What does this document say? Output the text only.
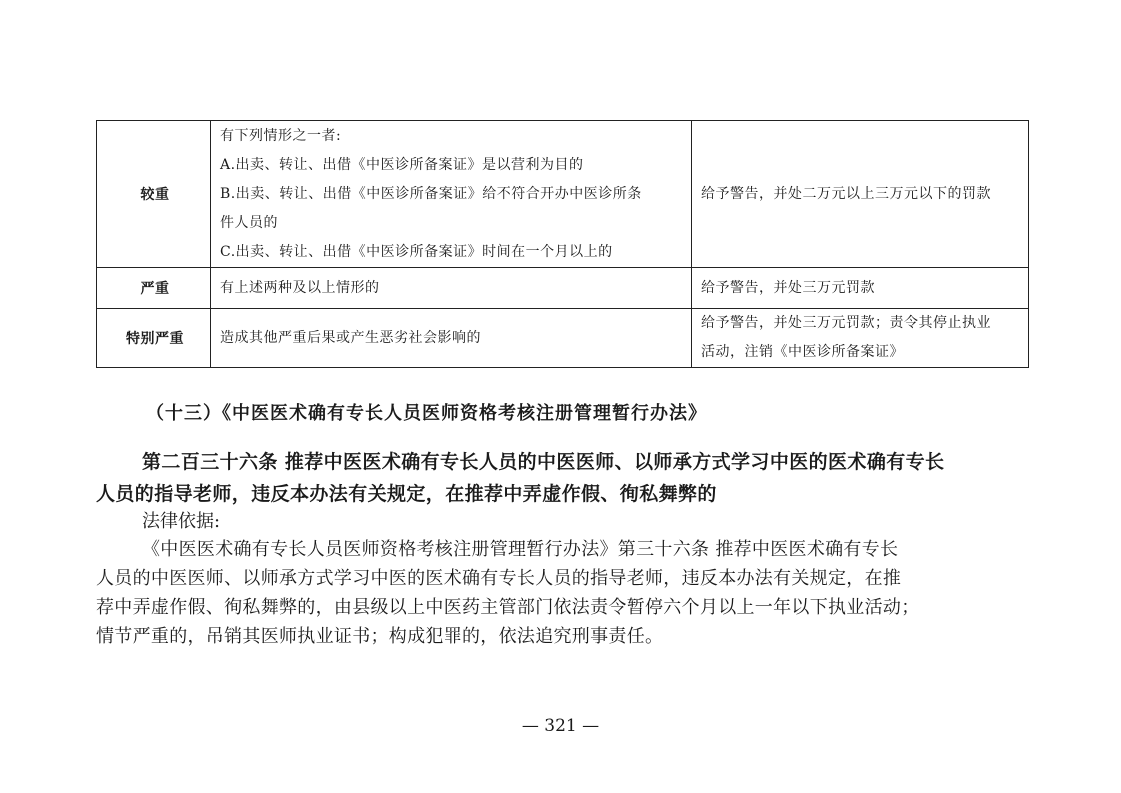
较重	有下列情形之一者:
A.出卖、转让、出借《中医诊所备案证》是以营利为目的
B.出卖、转让、出借《中医诊所备案证》给不符合开办中医诊所条
件人员的
C.出卖、转让、出借《中医诊所备案证》时间在一个月以上的	给予警告，并处二万元以上三万元以下的罚款

严重	有上述两种及以上情形的	给予警告，并处三万元罚款

特别严重	造成其他严重后果或产生恶劣社会影响的	给予警告，并处三万元罚款；责令其停止执业
活动，注销《中医诊所备案证》
（十三）《中医医术确有专长人员医师资格考核注册管理暂行办法》
第二百三十六条 推荐中医医术确有专长人员的中医医师、以师承方式学习中医的医术确有专长
人员的指导老师，违反本办法有关规定，在推荐中弄虚作假、徇私舞弊的
法律依据:
《中医医术确有专长人员医师资格考核注册管理暂行办法》第三十六条 推荐中医医术确有专长
人员的中医医师、以师承方式学习中医的医术确有专长人员的指导老师，违反本办法有关规定，在推
荐中弄虚作假、徇私舞弊的，由县级以上中医药主管部门依法责令暂停六个月以上一年以下执业活动；
情节严重的，吊销其医师执业证书；构成犯罪的，依法追究刑事责任。
— 321 —
